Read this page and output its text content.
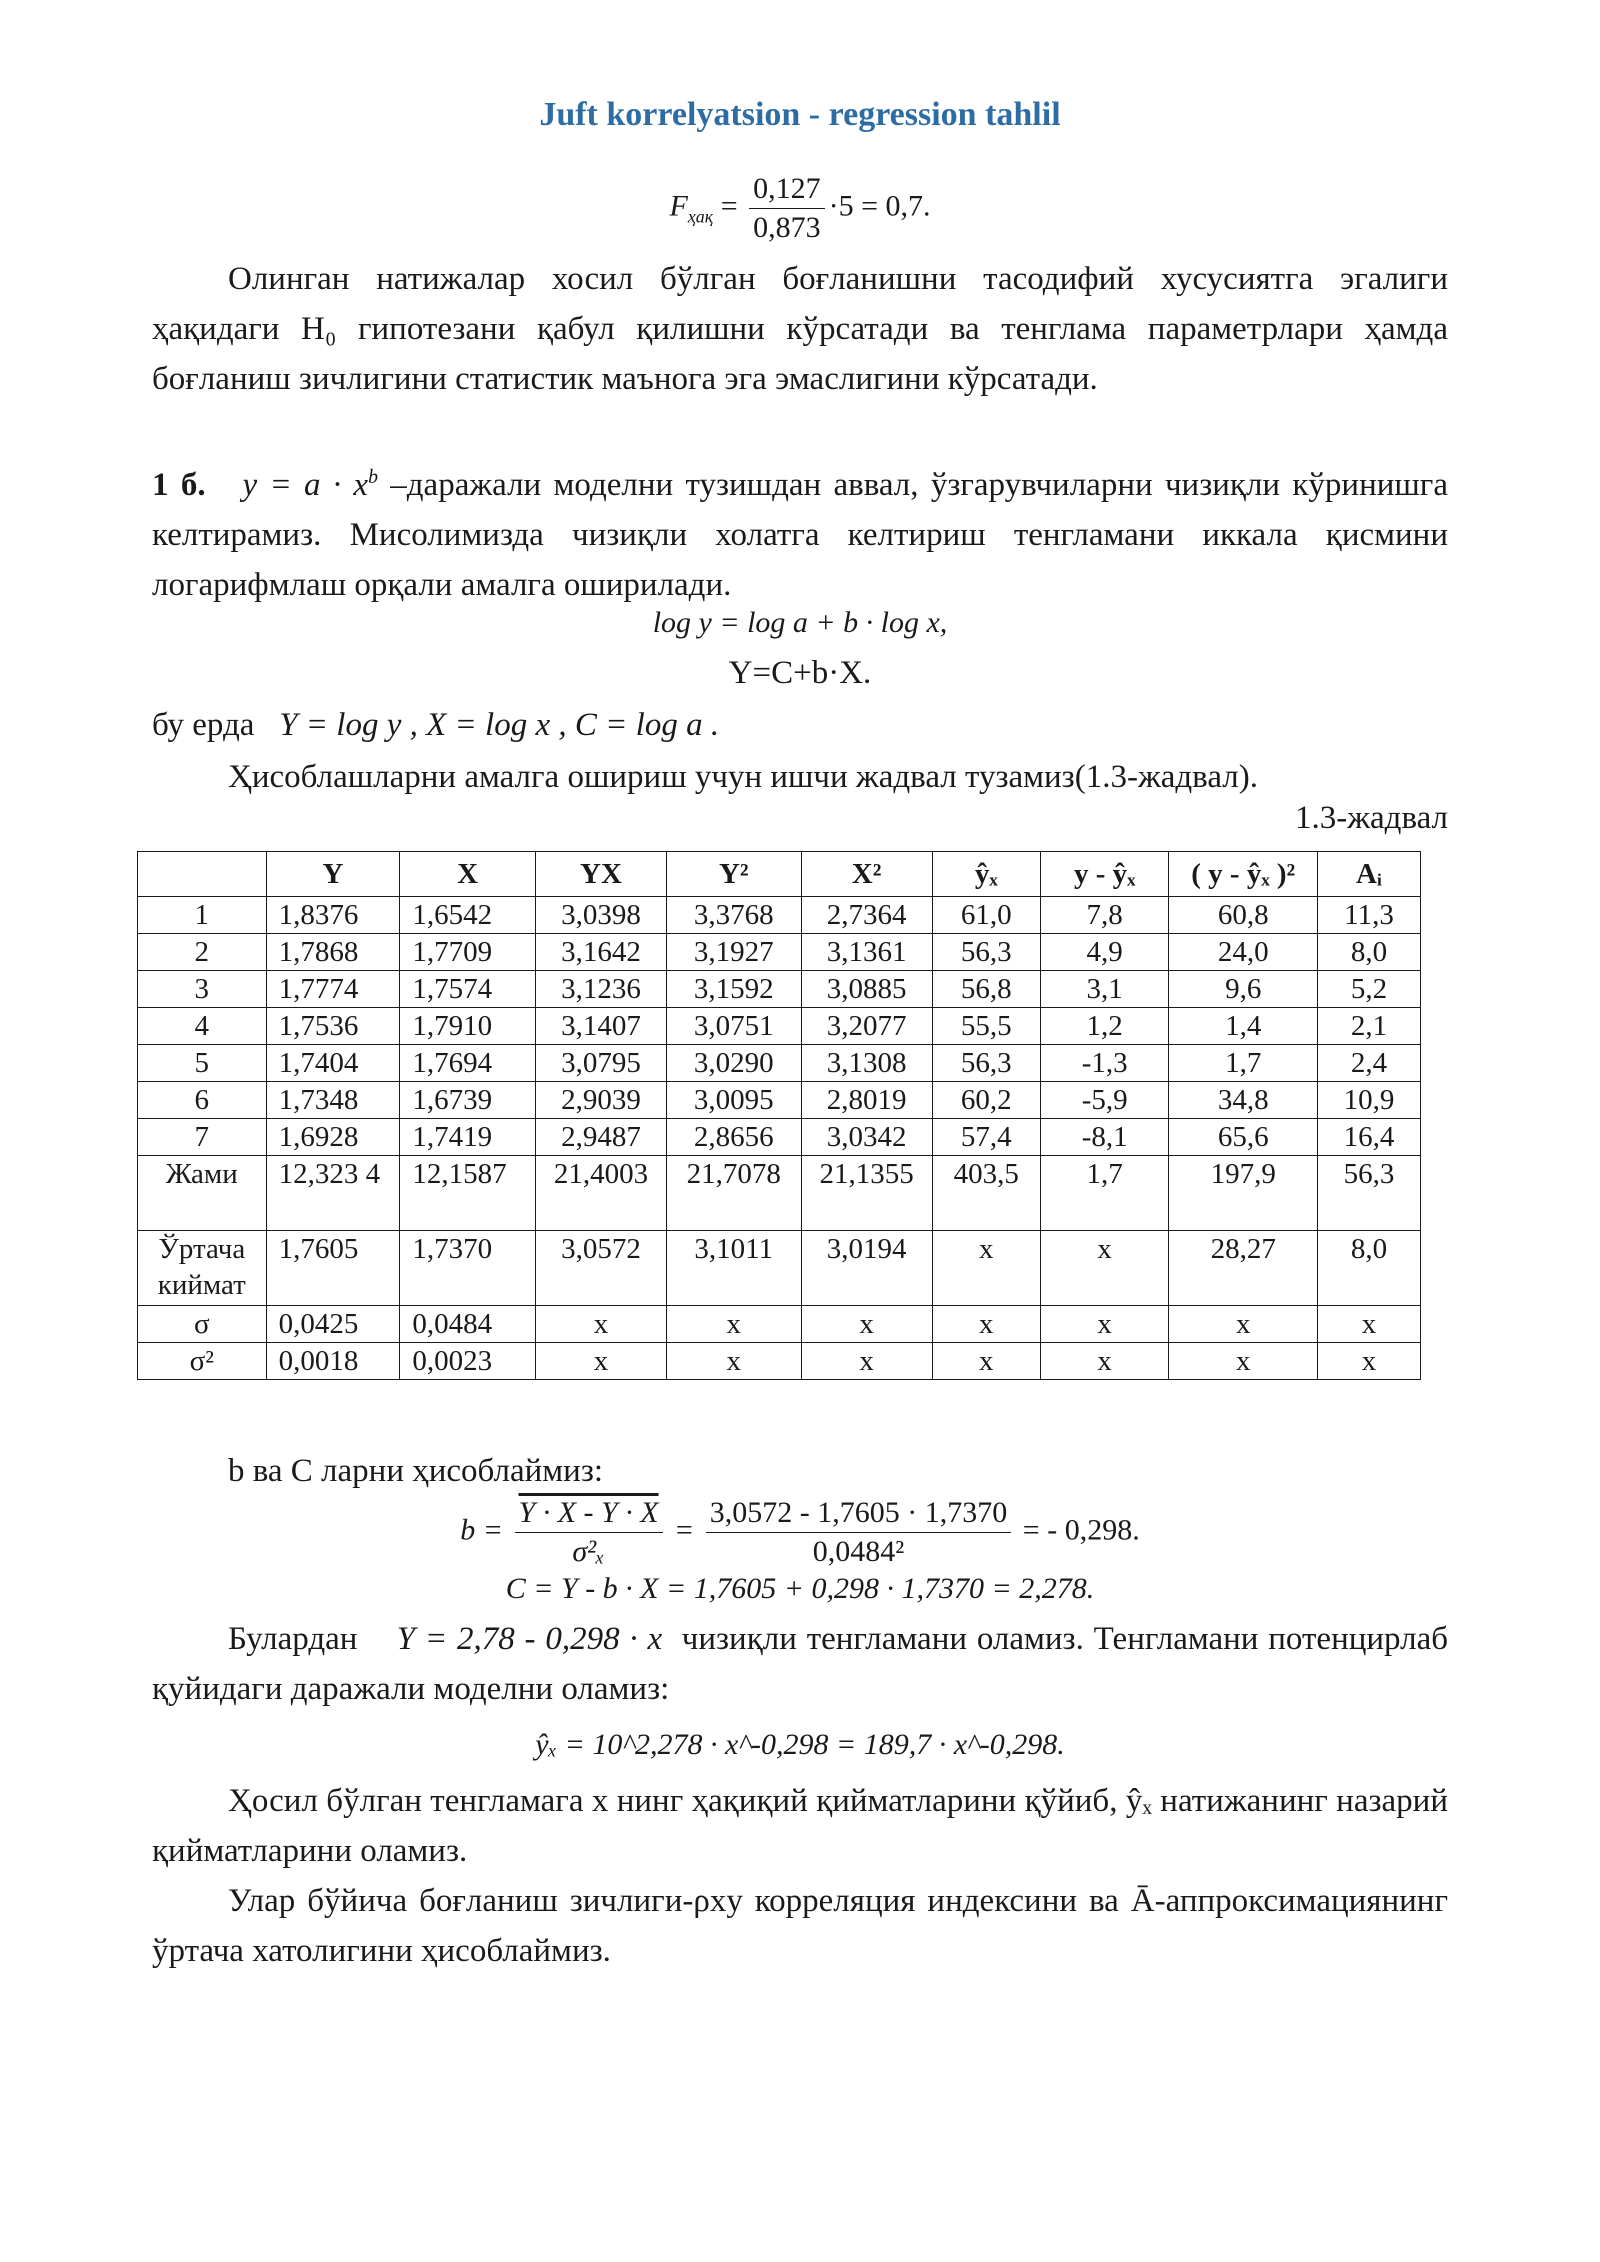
Juft korrelyatsion - regression tahlil
$F_{ҳақ} = \frac{0,127}{0,873} \cdot 5 = 0,7$.
Олинган натижалар хосил бўлган боғланишни тасодифий хусусиятга эгалиги ҳақидаги H₀ гипотезани қабул қилишни кўрсатади ва тенглама параметрлари ҳамда боғланиш зичлигини статистик маънога эга эмаслигини кўрсатади.
1 б. $y = a \cdot x^b$ –даражали моделни тузишдан аввал, ўзгарувчиларни чизиқли кўринишга келтирамиз. Мисолимизда чизиқли холатга келтириш тенгламани иккала қисмини логарифмлаш орқали амалга оширилади.
log y = log a + b · log x,
Y=C+b·X.
бу ерда Y = log y , X = log x , C = log a .
Ҳисоблашларни амалга ошириш учун ишчи жадвал тузамиз(1.3-жадвал).
1.3-жадвал
	Y	X	YX	Y²	X²	ŷₓ	y - ŷₓ	( y - ŷₓ )²	Aᵢ
1	1,8376	1,6542	3,0398	3,3768	2,7364	61,0	7,8	60,8	11,3
2	1,7868	1,7709	3,1642	3,1927	3,1361	56,3	4,9	24,0	8,0
3	1,7774	1,7574	3,1236	3,1592	3,0885	56,8	3,1	9,6	5,2
4	1,7536	1,7910	3,1407	3,0751	3,2077	55,5	1,2	1,4	2,1
5	1,7404	1,7694	3,0795	3,0290	3,1308	56,3	-1,3	1,7	2,4
6	1,7348	1,6739	2,9039	3,0095	2,8019	60,2	-5,9	34,8	10,9
7	1,6928	1,7419	2,9487	2,8656	3,0342	57,4	-8,1	65,6	16,4
Жами	12,323 4	12,1587	21,4003	21,7078	21,1355	403,5	1,7	197,9	56,3
Ўртача киймат	1,7605	1,7370	3,0572	3,1011	3,0194	x	x	28,27	8,0
σ	0,0425	0,0484	x	x	x	x	x	x	x
σ²	0,0018	0,0023	x	x	x	x	x	x	x
b ва C ларни ҳисоблаймиз:
$b = \frac{Y \cdot X - Y \cdot X}{\text{σ²ₓ}} = \frac{3,0572 - 1,7605 \cdot 1,7370}{\text{0,0484²}}$ = - 0,298.
C = Y - b · X = 1,7605 + 0,298 · 1,7370 = 2,278.
Булардан Y = 2,78 - 0,298 · x чизиқли тенгламани оламиз. Тенгламани потенцирлаб қуйидаги даражали моделни оламиз:
ŷₓ = 10^2,278 · x^-0,298 = 189,7 · x^-0,298.
Ҳосил бўлган тенгламага x нинг ҳақиқий қийматларини қўйиб, ŷₓ натижанинг назарий қийматларини оламиз.
Улар бўйича боғланиш зичлиги-ρxy корреляция индексини ва Ā-аппроксимациянинг ўртача хатолигини ҳисоблаймиз.
